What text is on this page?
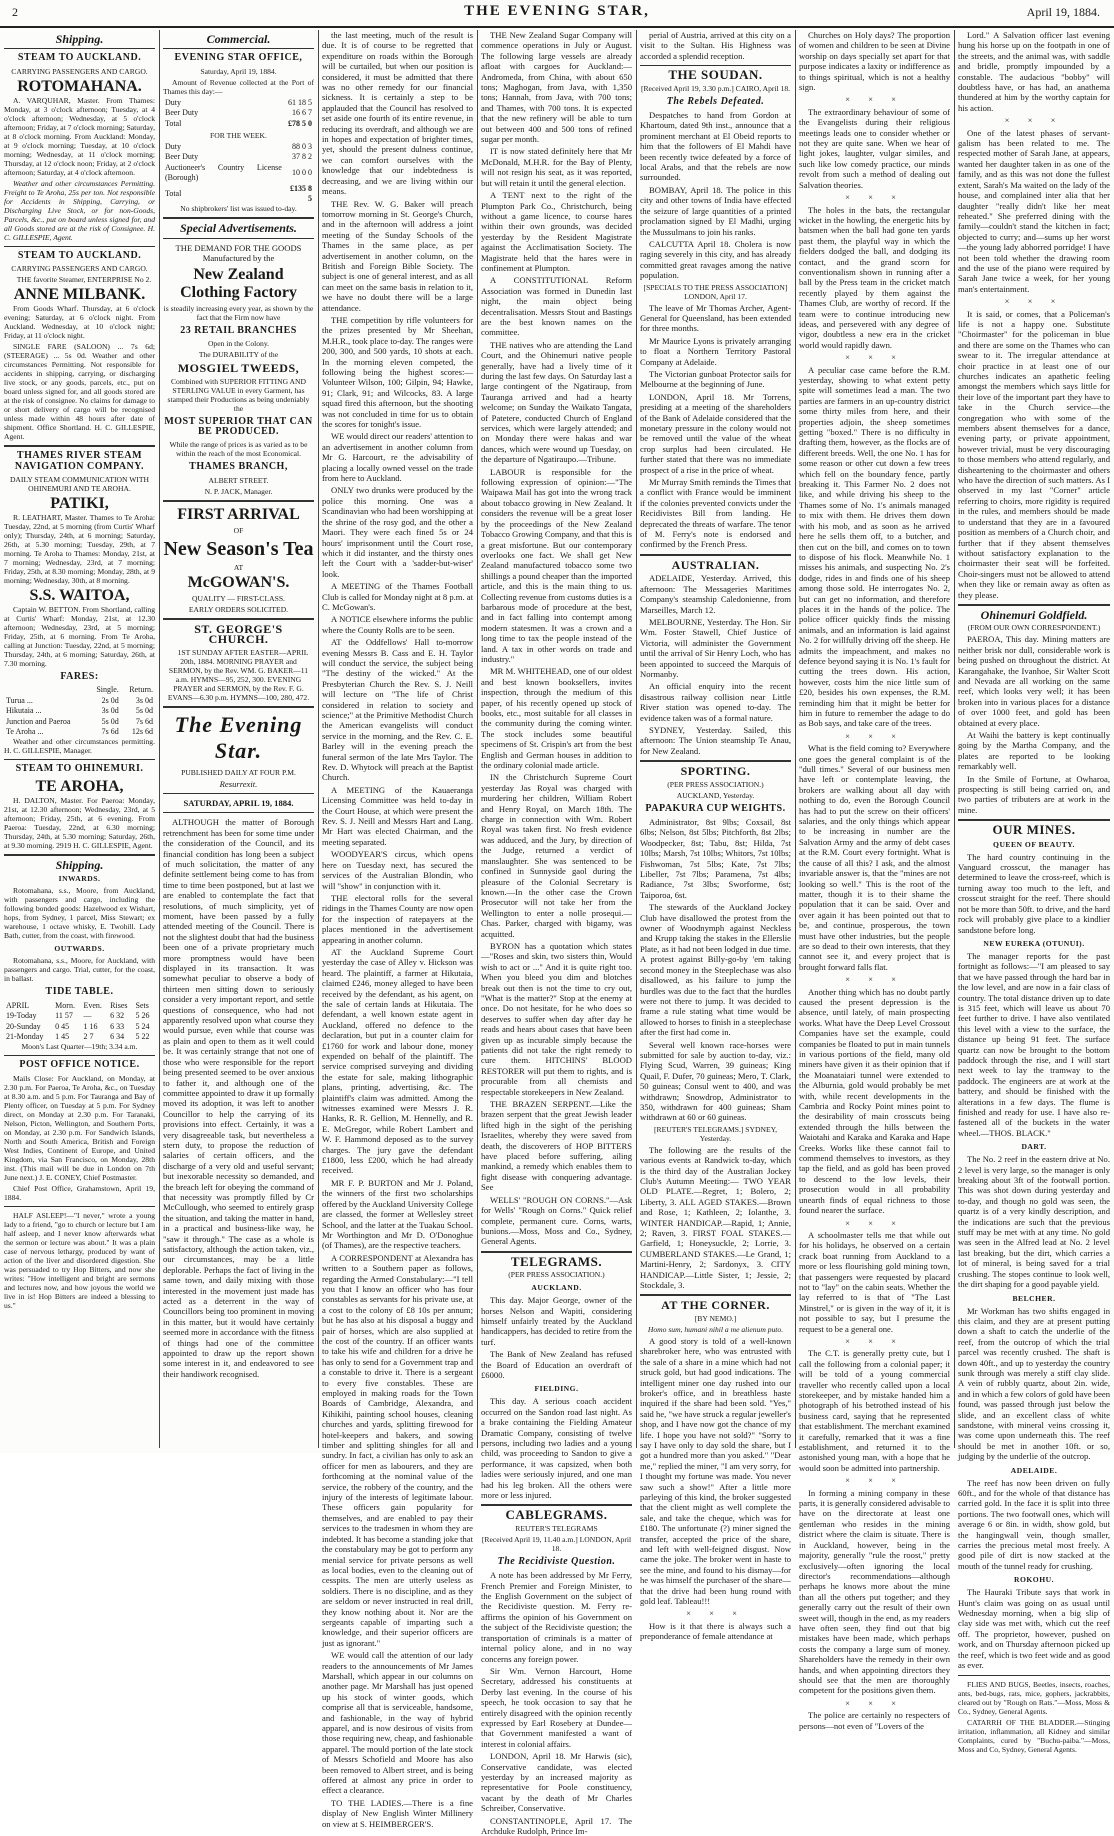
2	THE EVENING STAR,	April 19, 1884.
Shipping.
STEAM TO AUCKLAND.
CARRYING PASSENGERS AND CARGO.
ROTOMAHANA.
A. VARQUHAR, Master. From Thames: Monday, at 3 o'clock afternoon; Tuesday, at 4 o'clock afternoon; Wednesday, at 5 o'clock afternoon; Friday, at 7 o'clock morning; Saturday, at 8 o'clock morning. From Auckland: Monday, at 9 o'clock morning; Tuesday, at 10 o'clock morning; Wednesday, at 11 o'clock morning; Thursday, at 12 o'clock noon; Friday, at 2 o'clock afternoon; Saturday, at 4 o'clock afternoon.
Weather and other circumstances Permitting. Freight to Te Aroha, 25s per ton. Not responsible for Accidents in Shipping, Carrying, or Discharging Live Stock, or for non-Goods, Parcels, &c., put on board unless signed for, and all Goods stored are at the risk of Consignee. H. C. GILLESPIE, Agent.
STEAM TO AUCKLAND.
CARRYING PASSENGERS AND CARGO.
THE favorite Steamer, ENTERPRISE No 2.
ANNE MILBANK.
From Goods Wharf. Thursday, at 6 o'clock evening; Saturday, at 6 o'clock night. From Auckland. Wednesday, at 10 o'clock night; Friday, at 11 o'clock night.
SINGLE FARE (SALOON) ... 7s 6d; (STEERAGE) ... 5s 0d. Weather and other circumstances Permitting. Not responsible for accidents in shipping, carrying, or discharging live stock, or any goods, parcels, etc., put on board unless signed for, and all goods stored are at the risk of consignee. No claims for damage to or short delivery of cargo will be recognised unless made within 48 hours after date of shipment. Office Shortland. H. C. GILLESPIE, Agent.
THAMES RIVER STEAM NAVIGATION COMPANY.
DAILY STEAM COMMUNICATION WITH OHINEMURI AND TE AROHA.
PATIKI,
R. LEATHART, Master. Thames to Te Aroha: Tuesday, 22nd, at 5 morning (from Curtis' Wharf only); Thursday, 24th, at 6 morning; Saturday, 26th, at 5.30 morning; Tuesday, 29th, at 7 morning. Te Aroha to Thames: Monday, 21st, at 7 morning; Wednesday, 23rd, at 7 morning; Friday, 25th, at 8.30 morning; Monday, 28th, at 9 morning; Wednesday, 30th, at 8 morning.
S.S. WAITOA,
Captain W. BETTON. From Shortland, calling at Curtis' Wharf: Monday, 21st, at 12.30 afternoon; Wednesday, 23rd, at 5 morning; Friday, 25th, at 6 morning. From Te Aroha, calling at Junction: Tuesday, 22nd, at 5 morning; Thursday, 24th, at 6 morning; Saturday, 26th, at 7.30 morning.
FARES:
	Single.	Return.
Turua ...	2s 0d	3s 0d
Hikutaia ...	3s 0d	5s 0d
Junction and Paeroa	5s 0d	7s 6d
Te Aroha ...	7s 6d	12s 6d
Weather and other circumstances permitting. H. C. GILLESPIE, Manager.
STEAM TO OHINEMURI.
TE AROHA,
H. DALTON, Master. For Paeroa: Monday, 21st, at 12.30 afternoon; Wednesday, 23rd, at 5 afternoon; Friday, 25th, at 6 evening. From Paeroa: Tuesday, 22nd, at 6.30 morning; Thursday, 24th, at 5.30 morning; Saturday, 26th, at 9.30 morning. 2919 H. C. GILLESPIE, Agent.
Shipping.
INWARDS.
Rotomahana, s.s., Moore, from Auckland, with passengers and cargo, including the following bonded goods: Hazelwood ex Wishart, hops, from Sydney, 1 parcel, Miss Stewart; ex warehouse, 1 octave whisky, E. Twohill. Lady Bath, cutter, from the coast, with firewood.
OUTWARDS.
Rotomahana, s.s., Moore, for Auckland, with passengers and cargo. Trial, cutter, for the coast, in ballast.
TIDE TABLE.
APRIL	Morn.	Even.	Rises	Sets
19-Today	11 57	—	6 32	5 26
20-Sunday	0 45	1 16	6 33	5 24
21-Monday	1 45	2 7	6 34	5 22
Moon's Last Quarter—19th; 3.34 a.m.
POST OFFICE NOTICE.
Mails Close: For Auckland, on Monday, at 2.30 p.m. For Paeroa, Te Aroha, &c., on Tuesday at 8.30 a.m. and 5 p.m. For Tauranga and Bay of Plenty officer, on Tuesday at 5 p.m. For Sydney direct, on Monday at 2.30 p.m. For Taranaki, Nelson, Picton, Wellington, and Southern Ports, on Monday, at 2.30 p.m. For Sandwich Islands, North and South America, British and Foreign West Indies, Continent of Europe, and United Kingdom, via San Francisco, on Monday, 28th inst. (This mail will be due in London on 7th June next.) J. E. CONEY, Chief Postmaster.
Chief Post Office, Grahamstown, April 19, 1884.
HALF ASLEEP!—"I never," wrote a young lady to a friend, "go to church or lecture but I am half asleep, and I never know afterwards what the sermon or lecture was about." It was a plain case of nervous lethargy, produced by want of action of the liver and disordered digestion. She was persuaded to try Hop Bitters, and now she writes: "How intelligent and bright are sermons and lectures now, and how joyous the world we live in is! Hop Bitters are indeed a blessing to us."
Commercial.
EVENING STAR OFFICE,
Saturday, April 19, 1884.
Amount of Revenue collected at the Port of Thames this day:—
Duty	61 18 5
Beer Duty	16 6 7
Total	£78 5 0
FOR THE WEEK.
Duty	88 0 3
Beer Duty	37 8 2
Auctioneer's Country License (Borough)	10 0 0
Total	£135 8 5
No shipbrokers' list was issued to-day.
Special Advertisements.
THE DEMAND FOR THE GOODS Manufactured by the
New Zealand Clothing Factory
is steadily increasing every year, as shown by the fact that the Firm now have
23 RETAIL BRANCHES
Open in the Colony.
The DURABILITY of the
MOSGIEL TWEEDS,
Combined with SUPERIOR FITTING AND STERLING VALUE in every Garment, has stamped their Productions as being undeniably the
MOST SUPERIOR THAT CAN BE PRODUCED.
While the range of prices is as varied as to be within the reach of the most Economical.
THAMES BRANCH,
ALBERT STREET.
N. P. JACK, Manager.
FIRST ARRIVAL
OF
New Season's Tea
AT
McGOWAN'S.
QUALITY — FIRST-CLASS.
EARLY ORDERS SOLICITED.
ST. GEORGE'S CHURCH.
1ST SUNDAY AFTER EASTER—APRIL 20th, 1884. MORNING PRAYER and SERMON, by the Rev. WM. G. BAKER—11 a.m. HYMNS—95, 252, 300. EVENING PRAYER and SERMON, by the Rev. F. G. EVANS—6.30 p.m. HYMNS—100, 280, 472.
The Evening Star.
PUBLISHED DAILY AT FOUR P.M.
Resurrexit.
SATURDAY, APRIL 19, 1884.
ALTHOUGH the matter of Borough retrenchment has been for some time under the consideration of the Council, and its financial condition has long been a subject of much solicitation, the matter of any definite settlement being come to has from time to time been postponed, but at last we are enabled to contemplate the fact that resolutions, of much simplicity, yet of moment, have been passed by a fully attended meeting of the Council. There is not the slightest doubt that had the business been one of a private proprietary much more promptness would have been displayed in its transaction. It was somewhat peculiar to observe a body of thirteen men sitting down to seriously consider a very important report, and settle questions of consequence, who had not apparently resolved upon what course they would pursue, even while that course was as plain and open to them as it well could be. It was certainly strange that not one of those who were responsible for the report being presented seemed to be over anxious to father it, and although one of the committee appointed to draw it up formally moved its adoption, it was left to another Councillor to help the carrying of its provisions into effect. Certainly, it was a very disagreeable task, but nevertheless a stern duty, to propose the reduction of salaries of certain officers, and the discharge of a very old and useful servant; but inexorable necessity so demanded, and the breach left for obeying the command of that necessity was promptly filled by Cr McCullough, who seemed to entirely grasp the situation, and taking the matter in hand, in a practical and business-like way, he "saw it through." The case as a whole is satisfactory, although the action taken, viz., our circumstances, may be a little deplorable. Perhaps the fact of living in the same town, and daily mixing with those interested in the movement just made has acted as a deterrent in the way of Councillors being too prominent in moving in this matter, but it would have certainly seemed more in accordance with the fitness of things had one of the committee appointed to draw up the report shown some interest in it, and endeavored to see their handiwork recognised.
the last meeting, much of the result is due. It is of course to be regretted that expenditure on roads within the Borough will be curtailed, but when our position is considered, it must be admitted that there was no other remedy for our financial sickness. It is certainly a step to be applauded that the Council has resolved to set aside one fourth of its entire revenue, in reducing its overdraft, and although we are in hopes and expectation of brighter times, yet, should the present dulness continue, we can comfort ourselves with the knowledge that our indebtedness is decreasing, and we are living within our means.
THE Rev. W. G. Baker will preach tomorrow morning in St. George's Church, and in the afternoon will address a joint meeting of the Sunday Schools of the Thames in the same place, as per advertisement in another column, on the British and Foreign Bible Society. The subject is one of general interest, and as all can meet on the same basis in relation to it, we have no doubt there will be a large attendance.
THE competition by rifle volunteers for the prizes presented by Mr Sheehan, M.H.R., took place to-day. The ranges were 200, 300, and 500 yards, 10 shots at each. In the morning eleven competed, the following being the highest scores:—Volunteer Wilson, 100; Gilpin, 94; Hawke, 91; Clark, 91; and Wilcocks, 83. A large squad fired this afternoon, but the shooting was not concluded in time for us to obtain the scores for tonight's issue.
WE would direct our readers' attention to an advertisement in another column from Mr G. Harcourt, re the advisability of placing a locally owned vessel on the trade from here to Auckland.
ONLY two drunks were produced by the police this morning. One was a Scandinavian who had been worshipping at the shrine of the rosy god, and the other a Maori. They were each fined 5s or 24 hours' imprisonment until the Court rose, which it did instanter, and the thirsty ones left the Court with a 'sadder-but-wiser' look.
A MEETING of the Thames Football Club is called for Monday night at 8 p.m. at C. McGowan's.
A NOTICE elsewhere informs the public where the County Rolls are to be seen.
AT the Oddfellows' Hall to-morrow evening Messrs B. Cass and E. H. Taylor will conduct the service, the subject being "The destiny of the wicked." At the Presbyterian Church the Rev. S. J. Neill will lecture on "The life of Christ considered in relation to society and science;" at the Primitive Methodist Church the American evangelists will conduct service in the morning, and the Rev. C. E. Barley will in the evening preach the funeral sermon of the late Mrs Taylor. The Rev. D. Whytock will preach at the Baptist Church.
A MEETING of the Kauaeranga Licensing Committee was held to-day in the Court House, at which were present the Rev. S. J. Neill and Messrs Hart and Lang. Mr Hart was elected Chairman, and the meeting separated.
WOODYEAR'S circus, which opens here on Tuesday next, has secured the services of the Australian Blondin, who will "show" in conjunction with it.
THE electoral rolls for the several ridings in the Thames County are now open for the inspection of ratepayers at the places mentioned in the advertisement appearing in another column.
AT the Auckland Supreme Court yesterday the case of Alley v. Hickson was heard. The plaintiff, a farmer at Hikutaia, claimed £246, money alleged to have been received by the defendant, as his agent, on the sale of certain lands at Hikutaia. The defendant, a well known estate agent in Auckland, offered no defence to the declaration, but put in a counter claim for £1760 for work and labour done, money expended on behalf of the plaintiff. The service comprised surveying and dividing the estate for sale, making lithographic plans, printing, advertising, &c. The plaintiff's claim was admitted. Among the witnesses examined were Messrs J. R. Hanks, R. R. Gellion, M. Hennelly, and R. E. McGregor, while Robert Lambert and W. F. Hammond deposed as to the survey charges. The jury gave the defendant £1800, less £200, which he had already received.
MR F. P. BURTON and Mr J. Poland, the winners of the first two scholarships offered by the Auckland University College are classed, the former at Wellesley street School, and the latter at the Tuakau School. Mr Worthington and Mr D. O'Donoghue (of Thames), are the respective teachers.
A CORRESPONDENT at Alexandra has written to a Southern paper as follows, regarding the Armed Constabulary:—"I tell you that I know an officer who has four constables as servants for his private use, at a cost to the colony of £8 10s per annum; but he has also at his disposal a buggy and pair of horses, which are also supplied at the cost of the country. If an officer wants to take his wife and children for a drive he has only to send for a Government trap and a constable to drive it. There is a sergeant to every five constables. These are employed in making roads for the Town Boards of Cambridge, Alexandra, and Kihikihi, painting school houses, cleaning churches and yards, splitting firewood for hotel-keepers and bakers, and sowing timber and splitting shingles for all and sundry. In fact, a civilian has only to ask an officer for men as labourers, and they are forthcoming at the nominal value of the service, the robbery of the country, and the injury of the interests of legitimate labour. These officers gain popularity for themselves, and are enabled to pay their services to the tradesmen in whom they are indebted. It has become a standing joke that the constabulary may be got to perform any menial service for private persons as well as local bodies, even to the cleaning out of cesspits. The men are utterly useless as soldiers. There is no discipline, and as they are seldom or never instructed in real drill, they know nothing about it. Nor are the sergeants capable of imparting such a knowledge, and their superior officers are just as ignorant."
WE would call the attention of our lady readers to the announcements of Mr James Marshall, which appear in our columns on another page. Mr Marshall has just opened up his stock of winter goods, which comprise all that is serviceable, handsome, and fashionable, in the way of hybrid apparel, and is now desirous of visits from those requiring new, cheap, and fashionable apparel. The mould portion of the late stock of Messrs Schofield and Moore has also been removed to Albert street, and is being offered at almost any price in order to effect a clearance.
TO THE LADIES.—There is a fine display of New English Winter Millinery on view at S. HEIMBERGER'S.
THE New Zealand Sugar Company will commence operations in July or August. The following large vessels are already afloat with cargoes for Auckland:—Andromeda, from China, with about 650 tons; Maghogan, from Java, with 1,350 tons; Hannah, from Java, with 700 tons; and Thames, with 700 tons. It is expected that the new refinery will be able to turn out between 400 and 500 tons of refined sugar per month.
IT is now stated definitely here that Mr McDonald, M.H.R. for the Bay of Plenty, will not resign his seat, as it was reported, but will retain it until the general election.
A TENT next to the right of the Plumpton Park Co., Christchurch, being without a game licence, to course hares within their own grounds, was decided yesterday by the Resident Magistrate against the Acclimatisation Society. The Magistrate held that the hares were in confinement at Plumpton.
A CONSTITUTIONAL Reform Association was formed in Dunedin last night, the main object being decentralisation. Messrs Stout and Bastings are the best known names on the committee.
THE natives who are attending the Land Court, and the Ohinemuri native people generally, have had a lively time of it during the last few days. On Saturday last a large contingent of the Ngatiraup, from Tauranga arrived and had a hearty welcome; on Sunday the Waikato Tangata, of Patetere, conducted Church of England services, which were largely attended; and on Monday there were hakas and war dances, which were wound up Tuesday, on the departure of Ngatiraupo.—Tribune.
LABOUR is responsible for the following expression of opinion:—"The Waipawa Mail has got into the wrong track about tobacco growing in New Zealand. It considers the revenue will be a great loser by the proceedings of the New Zealand Tobacco Growing Company, and that this is a great misfortune. But our contemporary overlooks one fact. We shall get New Zealand manufactured tobacco some two shillings a pound cheaper than the imported article, and this is the main thing to us. Collecting revenue from customs duties is a barbarous mode of procedure at the best, and in fact falling into contempt among modern statesmen. It was a crown and a long time to tax the people instead of the land. A tax in other words on trade and industry."
MR M. WHITEHEAD, one of our oldest and best known booksellers, invites inspection, through the medium of this paper, of his recently opened up stock of books, etc., most suitable for all classes in the community during the coming winter. The stock includes some beautiful specimens of St. Crispin's art from the best English and German houses in addition to the ordinary colonial made article.
IN the Christchurch Supreme Court yesterday Jas Royal was charged with murdering her children, William Robert and Henry Royal, on March 18th. The charge in connection with Wm. Robert Royal was taken first. No fresh evidence was adduced, and the Jury, by direction of the Judge, returned a verdict of manslaughter. She was sentenced to be confined in Sunnyside gaol during the pleasure of the Colonial Secretary is known.—In the other case the Crown Prosecutor will not take her from the Wellington to enter a nolle prosequi.—Chas. Parker, charged with bigamy, was acquitted.
BYRON has a quotation which states—"Roses and skin, two sisters thin, Would wish to act or ..." And it is quite right too. When you bleed you dim and blotches break out then is not the time to cry out, "What is the matter?" Stop at the enemy at once. Do not hesitate, for he who does so deserves to suffer when day after day he reads and hears about cases that have been given up as incurable simply because the patients did not take the right remedy to cure them. HITCHINS' BLOOD RESTORER will put them to rights, and is procurable from all chemists and respectable storekeepers in New Zealand.
THE BRAZEN SERPENT.—Like the brazen serpent that the great Jewish leader lifted high in the sight of the perishing Israelites, whereby they were saved from death, the discoverers of HOP BITTERS have placed before suffering, ailing mankind, a remedy which enables them to fight disease with conquering advantage. See
WELLS' "ROUGH ON CORNS."—Ask for Wells' "Rough on Corns." Quick relief complete, permanent cure. Corns, warts, bunions.—Moss, Moss and Co., Sydney, General Agents.
TELEGRAMS.
(PER PRESS ASSOCIATION.)
AUCKLAND.
This day. Major George, owner of the horses Nelson and Wapiti, considering himself unfairly treated by the Auckland handicappers, has decided to retire from the turf.
The Bank of New Zealand has refused the Board of Education an overdraft of £6000.
FIELDING.
This day. A serious coach accident occurred on the Sandon road last night. As a brake containing the Fielding Amateur Dramatic Company, consisting of twelve persons, including two ladies and a young child, was proceeding to Sandon to give a performance, it was capsized, when both ladies were seriously injured, and one man had his leg broken. All the others were more or less injured.
CABLEGRAMS.
REUTER'S TELEGRAMS
[Received April 19, 11.40 a.m.] LONDON, April 18.
The Recidiviste Question.
A note has been addressed by Mr Ferry, French Premier and Foreign Minister, to the English Government on the subject of the Recidiviste question. M. Ferry re-affirms the opinion of his Government on the subject of the Recidiviste question; the transportation of criminals is a matter of internal policy alone, and in no way concerns any foreign power.
Sir Wm. Vernon Harcourt, Home Secretary, addressed his constituents at Derby last evening. In the course of his speech, he took occasion to say that he entirely disagreed with the opinion recently expressed by Earl Rosebery at Dundee—that Government manifested a want of interest in colonial affairs.
LONDON, April 18. Mr Harwis (sic), Conservative candidate, was elected yesterday by an increased majority as representative for Poole constituency, vacant by the death of Mr Charles Schreiber, Conservative.
CONSTANTINOPLE, April 17. The Archduke Rudolph, Prince Im-
perial of Austria, arrived at this city on a visit to the Sultan. His Highness was accorded a splendid reception.
THE SOUDAN.
[Received April 19, 3.30 p.m.] CAIRO, April 18.
The Rebels Defeated.
Despatches to hand from Gordon at Khartoum, dated 9th inst., announce that a prominent merchant at El Obeid reports to him that the followers of El Mahdi have been recently twice defeated by a force of local Arabs, and that the rebels are now surrounded.
BOMBAY, April 18. The police in this city and other towns of India have effected the seizure of large quantities of a printed proclamation signed by El Madhi, urging the Mussulmans to join his ranks.
CALCUTTA April 18. Cholera is now raging severely in this city, and has already committed great ravages among the native population.
[SPECIALS TO THE PRESS ASSOCIATION] LONDON, April 17.
The leave of Mr Thomas Archer, Agent-General for Queensland, has been extended for three months.
Mr Maurice Lyons is privately arranging to float a Northern Territory Pastoral Company at Adelaide.
The Victorian gunboat Protector sails for Melbourne at the beginning of June.
LONDON, April 18. Mr Torrens, presiding at a meeting of the shareholders of the Bank of Adelaide considered that the monetary pressure in the colony would not be removed until the value of the wheat crop surplus had been circulated. He further stated that there was no immediate prospect of a rise in the price of wheat.
Mr Murray Smith reminds the Times that a conflict with France would be imminent if the colonies prevented convicts under the Recidivistes Bill from landing. He deprecated the threats of warfare. The tenor of M. Ferry's note is endorsed and confirmed by the French Press.
AUSTRALIAN.
ADELAIDE, Yesterday. Arrived, this afternoon: The Messageries Maritimes Company's steamship Caledonienne, from Marseilles, March 12.
MELBOURNE, Yesterday. The Hon. Sir Wm. Foster Stawell, Chief Justice of Victoria, will administer the Government until the arrival of Sir Henry Loch, who has been appointed to succeed the Marquis of Normanby.
An official enquiry into the recent disastrous railway collision near Little River station was opened to-day. The evidence taken was of a formal nature.
SYDNEY, Yesterday. Sailed, this afternoon: The Union steamship Te Anau, for New Zealand.
SPORTING.
(PER PRESS ASSOCIATION.)
AUCKLAND, Yesterday.
PAPAKURA CUP WEIGHTS.
Administrator, 8st 9lbs; Coxsail, 8st 6lbs; Nelson, 8st 5lbs; Pitchforth, 8st 2lbs; Woodpecker, 8st; Tabu, 8st; Hilda, 7st 10lbs; Marsh, 7st 10lbs; Whitors, 7st 10lbs; Fishwoman, 7st 5lbs; Kate, 7st 7lbs; Libeller, 7st 7lbs; Paramena, 7st 4lbs; Radiance, 7st 3lbs; Sworforme, 6st; Taiporoa, 6st.
The stewards of the Auckland Jockey Club have disallowed the protest from the owner of Woodnymph against Neckless and Krupp taking the stakes in the Ellerslie Plate, as it had not been lodged in due time. A protest against Billy-go-by 'em taking second money in the Steeplechase was also disallowed, as his failure to jump the hurdles was due to the fact that the hurdles were not there to jump. It was decided to frame a rule stating what time would be allowed to horses to finish in a steeplechase after the first had come in.
Several well known race-horses were submitted for sale by auction to-day, viz.: Flying Scud, Warren, 39 guineas; King Quail, F. Dufer, 70 guineas; Mero, T. Clark, 50 guineas; Consul went to 400, and was withdrawn; Snowdrop, Administrator to 350, withdrawn for 400 guineas; Sham withdrawn at 60 or 60 guineas.
[REUTER'S TELEGRAMS.] SYDNEY, Yesterday.
The following are the results of the various events at Randwick to-day, which is the third day of the Australian Jockey Club's Autumn Meeting:— TWO YEAR OLD PLATE.—Regret, 1; Bolero, 2; Liberty, 3. ALL AGED STAKES.—Brown and Rose, 1; Kathleen, 2; Iolanthe, 3. WINTER HANDICAP.—Rapid, 1; Annie, 2; Raven, 3. FIRST FOAL STAKES.—Garfield, 1; Honeysuckle, 2; Lorrie, 3. CUMBERLAND STAKES.—Le Grand, 1; Martini-Henry, 2; Sardonyx, 3. CITY HANDICAP.—Little Sister, 1; Jessie, 2; Stockdale, 3.
AT THE CORNER.
[BY NEMO.]
Homo sum, humani nihil a me alienum puto.
A good story is told of a well-known sharebroker here, who was entrusted with the sale of a share in a mine which had not struck gold, but had good indications. The intelligent miner one day rushed into our broker's office, and in breathless haste inquired if the share had been sold. "Yes," said he, "we have struck a regular jeweller's shop, and I have now got the chance of my life. I hope you have not sold?" "Sorry to say I have only to day sold the share, but I got a hundred more than you asked." "Dear me," replied the miner, "I am very sorry, for I thought my fortune was made. You never saw such a show!" After a little more parleying of this kind, the broker suggested that the client might as well complete the sale, and take the cheque, which was for £180. The unfortunate (?) miner signed the transfer, accepted the price of the share, and left with well-feigned disgust. Now came the joke. The broker went in haste to see the mine, and found to his dismay—for he was himself the purchaser of the share—that the drive had been hung round with gold leaf. Tableau!!!
× × ×
How is it that there is always such a preponderance of female attendance at
Churches on Holy days? The proportion of women and children to be seen at Divine worship on days specially set apart for that purpose indicates a laxity or indifference as to things spiritual, which is not a healthy sign.
× × ×
The extraordinary behaviour of some of the Evangelists during their religious meetings leads one to consider whether or not they are quite sane. When we hear of light jokes, laughter, vulgar similes, and such like low comedy practice, our minds revolt from such a method of dealing out Salvation theories.
× × ×
The holes in the bats, the rectangular wicket in the howling, the energetic hits by batsmen when the ball had gone ten yards past them, the playful way in which the fielders dodged the ball, and dodging its contact, and the grand scorn for conventionalism shown in running after a ball by the Press team in the cricket match recently played by them against the Thames Club, are worthy of record. If the team were to continue introducing new ideas, and persevered with any degree of vigor, doubtless a new era in the cricket world would rapidly dawn.
× × ×
A peculiar case came before the R.M. yesterday, showing to what extent petty spite will sometimes lead a man. The two parties are farmers in an up-country district some thirty miles from here, and their properties adjoin, the sheep sometimes getting "boxed." There is no difficulty in drafting them, however, as the flocks are of different breeds. Well, the one No. 1 has for some reason or other cut down a few trees which fell on the boundary fence, partly breaking it. This Farmer No. 2 does not like, and while driving his sheep to the Thames some of No. 1's animals managed to mix with them. He drives them down with his mob, and as soon as he arrived here he sells them off, to a butcher, and then cut on the bill, and comes on to town to dispose of his flock. Meanwhile No. 1 misses his animals, and suspecting No. 2's dodge, rides in and finds one of his sheep among those sold. He interrogates No. 2, but can get no information, and therefore places it in the hands of the police. The police officer quickly finds the missing animals, and an information is laid against No. 2 for willfully driving off the sheep. He admits the impeachment, and makes no defence beyond saying it is No. 1's fault for cutting the trees down. His action, however, costs him the nice little sum of £20, besides his own expenses, the R.M. reminding him that it might be better for him in future to remember the adage to do as Bob says, and take care of the trees.
× × ×
What is the field coming to? Everywhere one goes the general complaint is of the "dull times." Several of our business men have left or contemplate leaving, the brokers are walking about all day with nothing to do, even the Borough Council has had to put the screw on their officers' salaries, and the only things which appear to be increasing in number are the Salvation Army and the army of debt cases at the R.M. Court every fortnight. What is the cause of all this? I ask, and the almost invariable answer is, that the "mines are not looking so well." This is the root of the matter, though it is to their shame the population that it can be said. Over and over again it has been pointed out that to be, and continue, prosperous, the town must have other industries, but the people are so dead to their own interests, that they cannot see it, and every project that is brought forward falls flat.
× × ×
Another thing which has no doubt partly caused the present depression is the absence, until lately, of main prospecting works. What have the Deep Level Crossout Companies have set the example, could companies be floated to put in main tunnels in various portions of the field, many old miners have given it as their opinion that if the Moanataiari tunnel were extended to the Alburnia, gold would probably be met with, while recent developments in the Cambria and Rocky Point mines point to the desirability of main crosscuts being extended through the hills between the Waiotahi and Karaka and Karaka and Hape Creeks. Works like these cannot fail to commend themselves to investors, as they tap the field, and as gold has been proved to descend to the low levels, their prosecution would in all probability unearth finds of equal richness to those found nearer the surface.
× × ×
A schoolmaster tells me that while out for his holidays, he observed on a certain crack boat running from Auckland to a more or less flourishing gold mining town, that passengers were requested by placard not to "lay" on the cabin seats. Whether the lay referred to is that of "The Last Minstrel," or is given in the way of it, it is not possible to say, but I presume the request to be a general one.
× × ×
The C.T. is generally pretty cute, but I call the following from a colonial paper; it will be told of a young commercial traveller who recently called upon a local storekeeper, and by mistake handed him a photograph of his betrothed instead of his business card, saying that he represented that establishment. The merchant examined it carefully, remarked that it was a fine establishment, and returned it to the astonished young man, with a hope that he would soon be admitted into partnership.
× × ×
In forming a mining company in these parts, it is generally considered advisable to have on the directorate at least one gentleman who resides in the mining district where the claim is situate. There is in Auckland, however, being in the majority, generally "rule the roost," pretty exclusively—often ignoring the local director's recommendations—although perhaps he knows more about the mine than all the others put together; and they generally carry out the result of their own sweet will, though in the end, as my readers have often seen, they find out that big mistakes have been made, which perhaps costs the company a large sum of money. Shareholders have the remedy in their own hands, and when appointing directors they should see that the men are thoroughly competent for the positions given them.
× × ×
The police are certainly no respecters of persons—not even of "Lovers of the
Lord." A Salvation officer last evening hung his horse up on the footpath in one of the streets, and the animal was, with saddle and bridle, promptly impounded by a constable. The audacious "bobby" will doubtless have, or has had, an anathema thundered at him by the worthy captain for his action.
× × ×
One of the latest phases of servant-galism has been related to me. The respected mother of Sarah Jane, at appears, wanted her daughter taken in as one of the family, and as this was not done the fullest extent, Sarah's Ma waited on the lady of the house, and complained inter alia that her daughter "really didn't like her meat reheated." She preferred dining with the family—couldn't stand the kitchen in fact; objected to curry; and—sums up her worst—the young lady abhorred porridge! I have not been told whether the drawing room and the use of the piano were required by Sarah Jane twice a week, for her young man's entertainment.
× × ×
It is said, or comes, that a Policeman's life is not a happy one. Substitute "Choirmaster" for the policeman in blue and there are some on the Thames who can swear to it. The irregular attendance at choir practice in at least one of our churches indicates an apathetic feeling amongst the members which says little for their love of the important part they have to take in the Church service—the congregation who with some of the members absent themselves for a dance, evening party, or private appointment, however trivial, must be very discouraging to those members who attend regularly, and disheartening to the choirmaster and others who have the direction of such matters. As I observed in my last "Corner" article referring to choirs, more rigidity is required in the rules, and members should be made to understand that they are in a favoured position as members of a Church choir, and further that if they absent themselves without satisfactory explanation to the choirmaster their seat will be forfeited. Choir-singers must not be allowed to attend when they like or remain away as often as they please.
Ohinemuri Goldfield.
(FROM OUR OWN CORRESPONDENT.)
PAEROA, This day. Mining matters are neither brisk nor dull, considerable work is being pushed on throughout the district. At Karangahake, the Ivanhoe, Sir Walter Scott and Nevada are all working on the same reef, which looks very well; it has been broken into in various places for a distance of over 1000 feet, and gold has been obtained at every place.
At Waihi the battery is kept continually going by the Martha Company, and the plates are reported to be looking remarkably well.
In the Smile of Fortune, at Owharoa, prospecting is still being carried on, and two parties of tributers are at work in the mine.
OUR MINES.
QUEEN OF BEAUTY.
The hard country continuing in the Vanguard crosscut, the manager has determined to leave the cross-reef, which is turning away too much to the left, and crosscut straight for the reef. There should not be more than 50ft. to drive, and the hard rock will probably give place to a kindlier sandstone before long.
NEW EUREKA (OTUNUI).
The manager reports for the past fortnight as follows:—"I am pleased to say that we have passed through the hard bar in the low level, and are now in a fair class of country. The total distance driven up to date is 315 feet, which will leave us about 70 feet further to drive. I have also ventilated this level with a view to the surface, the distance up being 91 feet. The surface quartz can now be brought to the bottom paddock through the rise, and I will start next week to lay the tramway to the paddock. The engineers are at work at the battery, and should be finished with the alterations in a few days. The flume is finished and ready for use. I have also re-fastened all of the buckets in the water wheel.—THOS. BLACK."
DART.
The No. 2 reef in the eastern drive at No. 2 level is very large, so the manager is only breaking about 3ft of the footwall portion. This was shot down during yesterday and to-day, and though no gold was seen, the quartz is of a very kindly description, and the indications are such that the previous stuff may be met with at any time. No gold was seen in the Alfred lead at No. 2 level last breaking, but the dirt, which carries a lot of mineral, is being saved for a trial crushing. The stopes continue to look well, the dirt shaping for a good payable yield.
BELCHER.
Mr Workman has two shifts engaged in this claim, and they are at present putting down a shaft to catch the underlie of the reef, from the outcrop of which the trial parcel was recently crushed. The shaft is down 40ft., and up to yesterday the country sunk through was merely a stiff clay slide. A vein of rubbly quartz, about 2in. wide, and in which a few colors of gold have been found, was passed through just below the slide, and an excellent class of white sandstone, with mineral veins crossing it, was come upon underneath this. The reef should be met in another 10ft. or so, judging by the underlie of the outcrop.
ADELAIDE.
The reef has now been driven on fully 60ft., and for the whole of that distance has carried gold. In the face it is split into three portions. The two footwall ones, which will average 6 or 8in. in width, show gold, but the hangingwall vein, though smaller, carries the precious metal most freely. A good pile of dirt is now stacked at the mouth of the tunnel ready for crushing.
ROKOHU.
The Hauraki Tribute says that work in Hunt's claim was going on as usual until Wednesday morning, when a big slip of clay side was met with, which cut the reef off. The proprietor, however, pushed on work, and on Thursday afternoon picked up the reef, which is two feet wide and as good as ever.
FLIES AND BUGS, Beetles, insects, roaches, ants, bed-bugs, rats, mice, gophers, jackrabbits, cleared out by "Rough on Rats."—Moss, Moss & Co., Sydney, General Agents.
CATARRH OF THE BLADDER.—Stinging irritation, inflammation, all Kidney and similar Complaints, cured by "Buchu-paiba."—Moss, Moss and Co, Sydney, General Agents.
